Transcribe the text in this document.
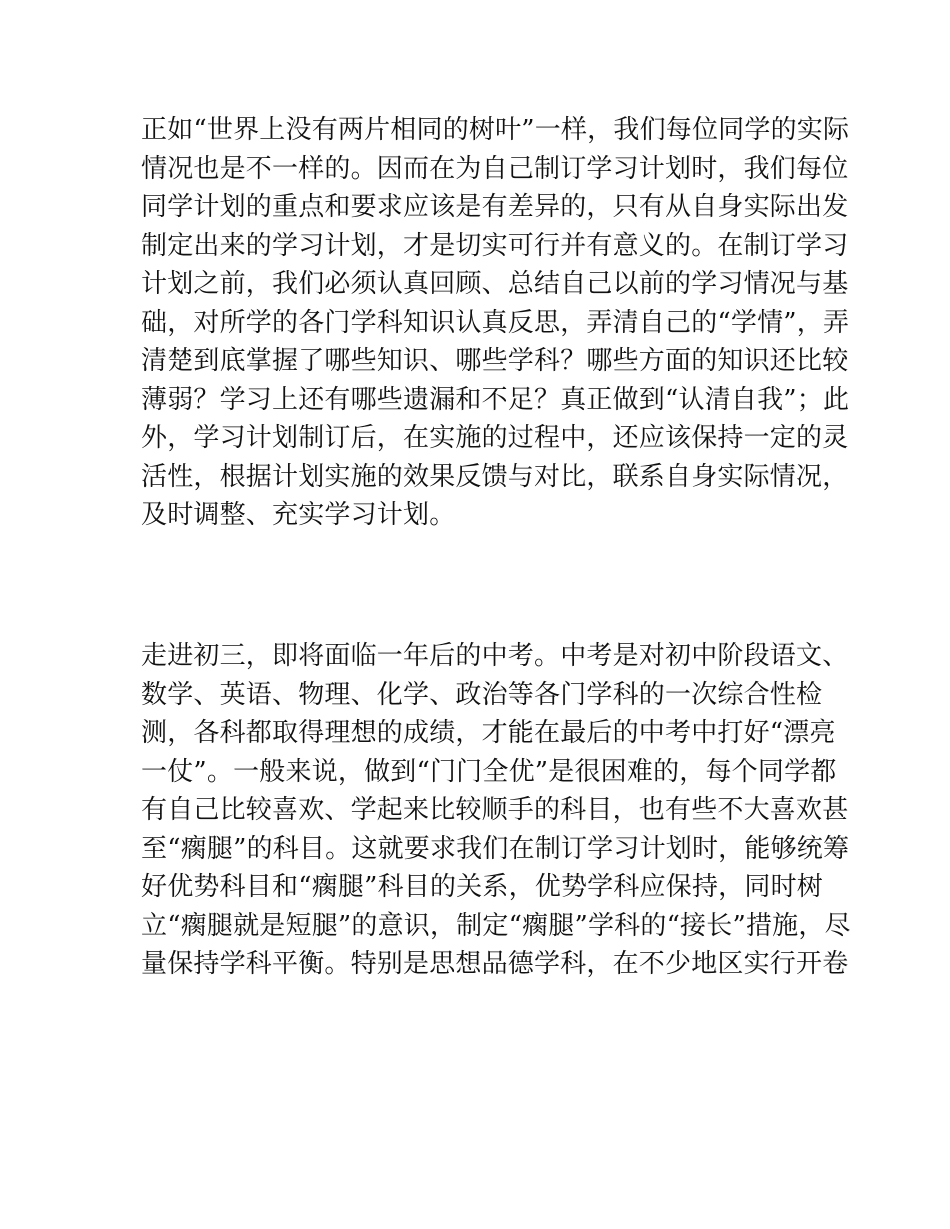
正如“世界上没有两片相同的树叶”一样，我们每位同学的实际
情况也是不一样的。因而在为自己制订学习计划时，我们每位
同学计划的重点和要求应该是有差异的，只有从自身实际出发
制定出来的学习计划，才是切实可行并有意义的。在制订学习
计划之前，我们必须认真回顾、总结自己以前的学习情况与基
础，对所学的各门学科知识认真反思，弄清自己的“学情”，弄
清楚到底掌握了哪些知识、哪些学科？哪些方面的知识还比较
薄弱？学习上还有哪些遗漏和不足？真正做到“认清自我”；此
外，学习计划制订后，在实施的过程中，还应该保持一定的灵
活性，根据计划实施的效果反馈与对比，联系自身实际情况，
及时调整、充实学习计划。
走进初三，即将面临一年后的中考。中考是对初中阶段语文、
数学、英语、物理、化学、政治等各门学科的一次综合性检
测，各科都取得理想的成绩，才能在最后的中考中打好“漂亮
一仗”。一般来说，做到“门门全优”是很困难的，每个同学都
有自己比较喜欢、学起来比较顺手的科目，也有些不大喜欢甚
至“瘸腿”的科目。这就要求我们在制订学习计划时，能够统筹
好优势科目和“瘸腿”科目的关系，优势学科应保持，同时树
立“瘸腿就是短腿”的意识，制定“瘸腿”学科的“接长”措施，尽
量保持学科平衡。特别是思想品德学科，在不少地区实行开卷
